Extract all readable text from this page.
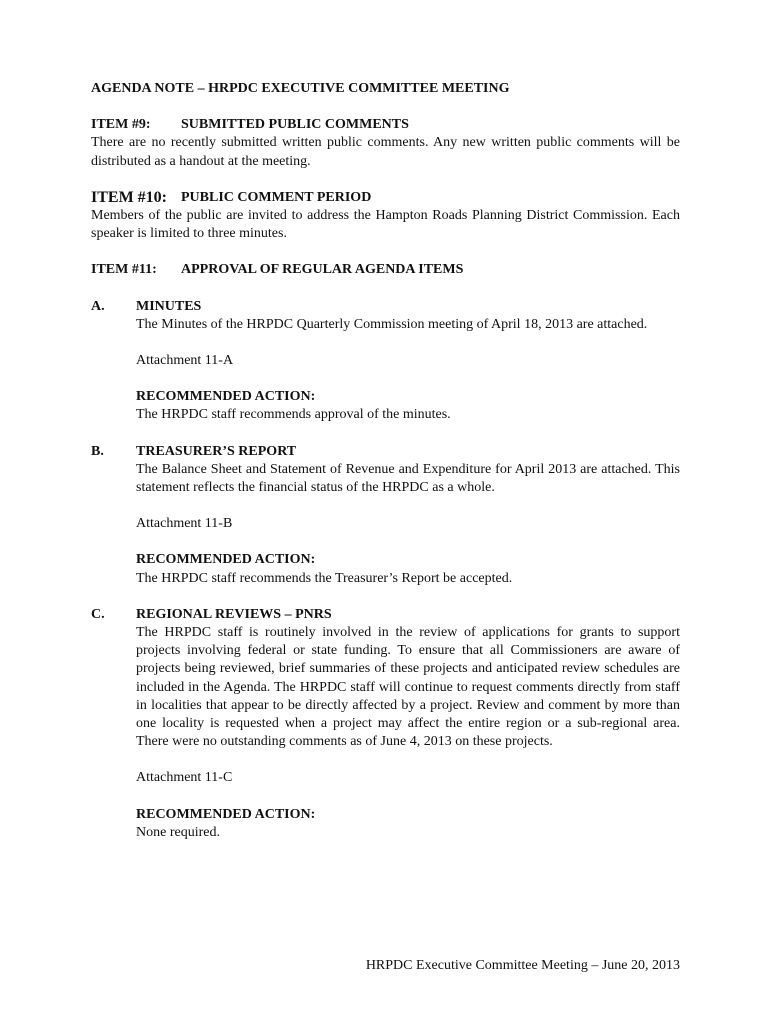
AGENDA NOTE – HRPDC EXECUTIVE COMMITTEE MEETING

ITEM #9:	SUBMITTED PUBLIC COMMENTS

There are no recently submitted written public comments. Any new written public comments will be distributed as a handout at the meeting.

ITEM #10:	PUBLIC COMMENT PERIOD

Members of the public are invited to address the Hampton Roads Planning District Commission. Each speaker is limited to three minutes.

ITEM #11:	APPROVAL OF REGULAR AGENDA ITEMS
A.	MINUTES

The Minutes of the HRPDC Quarterly Commission meeting of April 18, 2013 are attached.

Attachment 11-A
RECOMMENDED ACTION:
The HRPDC staff recommends approval of the minutes.
B.	TREASURER’S REPORT

The Balance Sheet and Statement of Revenue and Expenditure for April 2013 are attached. This statement reflects the financial status of the HRPDC as a whole.

Attachment 11-B
RECOMMENDED ACTION:
The HRPDC staff recommends the Treasurer’s Report be accepted.
C.	REGIONAL REVIEWS – PNRS

The HRPDC staff is routinely involved in the review of applications for grants to support projects involving federal or state funding. To ensure that all Commissioners are aware of projects being reviewed, brief summaries of these projects and anticipated review schedules are included in the Agenda. The HRPDC staff will continue to request comments directly from staff in localities that appear to be directly affected by a project. Review and comment by more than one locality is requested when a project may affect the entire region or a sub-regional area. There were no outstanding comments as of June 4, 2013 on these projects.

Attachment 11-C
RECOMMENDED ACTION:
None required.
HRPDC Executive Committee Meeting – June 20, 2013
